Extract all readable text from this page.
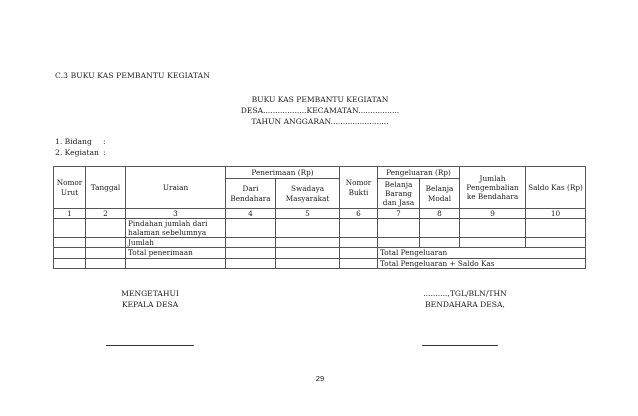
C.3 BUKU KAS PEMBANTU KEGIATAN
BUKU KAS PEMBANTU KEGIATAN
DESA..................KECAMATAN.................
TAHUN ANGGARAN........................
1. Bidang :
2. Kegiatan :
Nomor Urut	Tanggal	Uraian	Penerimaan (Rp)		Nomor Bukti	Pengeluaran (Rp)		Jumlah Pengembalian ke Bendahara	Saldo Kas (Rp)
			Dari Bendahara	Swadaya Masyarakat		Belanja Barang dan Jasa	Belanja Modal		
1	2	3	4	5	6	7	8	9	10
		Pindahan jumlah dari halaman sebelumnya							
		Jumlah							
		Total penerimaan				Total Pengeluaran			
						Total Pengeluaran + Saldo Kas			
MENGETAHUI
KEPALA DESA
..........,TGL/BLN/THN
BENDAHARA DESA,
29
